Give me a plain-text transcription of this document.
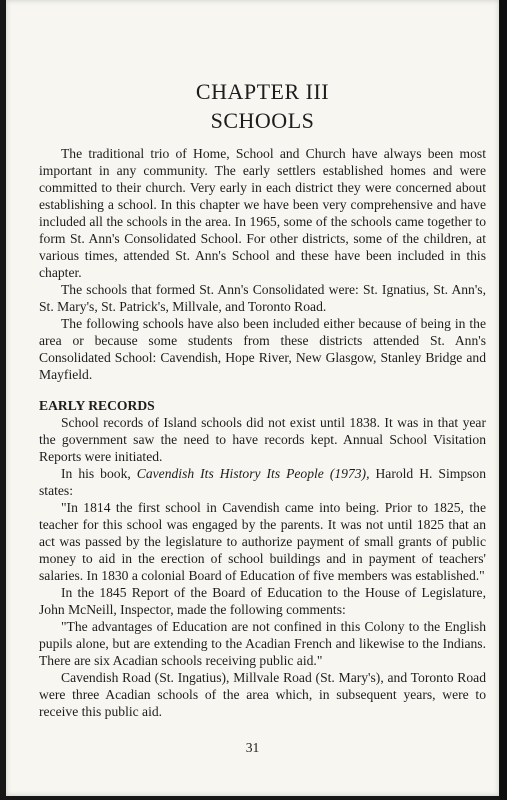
CHAPTER III
SCHOOLS

The traditional trio of Home, School and Church have always been most important in any community. The early settlers established homes and were committed to their church. Very early in each district they were concerned about establishing a school. In this chapter we have been very comprehensive and have included all the schools in the area. In 1965, some of the schools came together to form St. Ann's Consolidated School. For other districts, some of the children, at various times, attended St. Ann's School and these have been included in this chapter.

The schools that formed St. Ann's Consolidated were: St. Ignatius, St. Ann's, St. Mary's, St. Patrick's, Millvale, and Toronto Road.

The following schools have also been included either because of being in the area or because some students from these districts attended St. Ann's Consolidated School: Cavendish, Hope River, New Glasgow, Stanley Bridge and Mayfield.

EARLY RECORDS

School records of Island schools did not exist until 1838. It was in that year the government saw the need to have records kept. Annual School Visitation Reports were initiated.

In his book, Cavendish Its History Its People (1973), Harold H. Simpson states:

"In 1814 the first school in Cavendish came into being. Prior to 1825, the teacher for this school was engaged by the parents. It was not until 1825 that an act was passed by the legislature to authorize payment of small grants of public money to aid in the erection of school buildings and in payment of teachers' salaries. In 1830 a colonial Board of Education of five members was established."

In the 1845 Report of the Board of Education to the House of Legislature, John McNeill, Inspector, made the following comments:

"The advantages of Education are not confined in this Colony to the English pupils alone, but are extending to the Acadian French and likewise to the Indians. There are six Acadian schools receiving public aid."

Cavendish Road (St. Ingatius), Millvale Road (St. Mary's), and Toronto Road were three Acadian schools of the area which, in subsequent years, were to receive this public aid.

31
